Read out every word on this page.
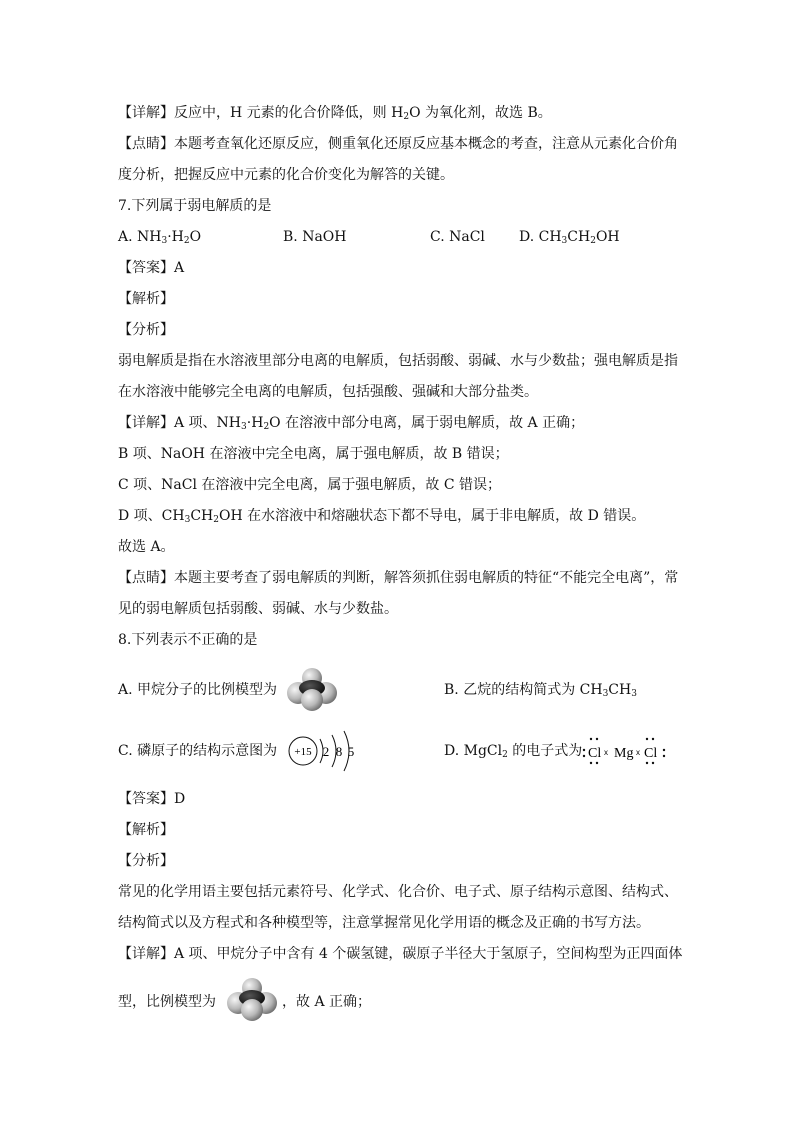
【详解】反应中，H 元素的化合价降低，则 $H_2O$ 为氧化剂，故选 B。
【点睛】本题考查氧化还原反应，侧重氧化还原反应基本概念的考查，注意从元素化合价角
度分析，把握反应中元素的化合价变化为解答的关键。
7.下列属于弱电解质的是
A. $NH_3\cdot H_2O$	B. NaOH	C. NaCl D. $CH_3CH_2OH$
【答案】A
【解析】
【分析】
弱电解质是指在水溶液里部分电离的电解质，包括弱酸、弱碱、水与少数盐；强电解质是指
在水溶液中能够完全电离的电解质，包括强酸、强碱和大部分盐类。
【详解】A 项、$NH_3\cdot H_2O$ 在溶液中部分电离，属于弱电解质，故 A 正确；
B 项、NaOH 在溶液中完全电离，属于强电解质，故 B 错误；
C 项、NaCl 在溶液中完全电离，属于强电解质，故 C 错误；
D 项、$CH_3CH_2OH$ 在水溶液中和熔融状态下都不导电，属于非电解质，故 D 错误。
故选 A。
【点睛】本题主要考查了弱电解质的判断，解答须抓住弱电解质的特征“不能完全电离”，常
见的弱电解质包括弱酸、弱碱、水与少数盐。
8.下列表示不正确的是
A. 甲烷分子的比例模型为	B. 乙烷的结构简式为 $CH_3CH_3$
C. 磷原子的结构示意图为 +15 2 8 5	D. MgCl$_2$ 的电子式为 Cl x Mg x Cl
【答案】D
【解析】
【分析】
常见的化学用语主要包括元素符号、化学式、化合价、电子式、原子结构示意图、结构式、
结构简式以及方程式和各种模型等，注意掌握常见化学用语的概念及正确的书写方法。
【详解】A 项、甲烷分子中含有 4 个碳氢键，碳原子半径大于氢原子，空间构型为正四面体
型，比例模型为	，故 A 正确；
